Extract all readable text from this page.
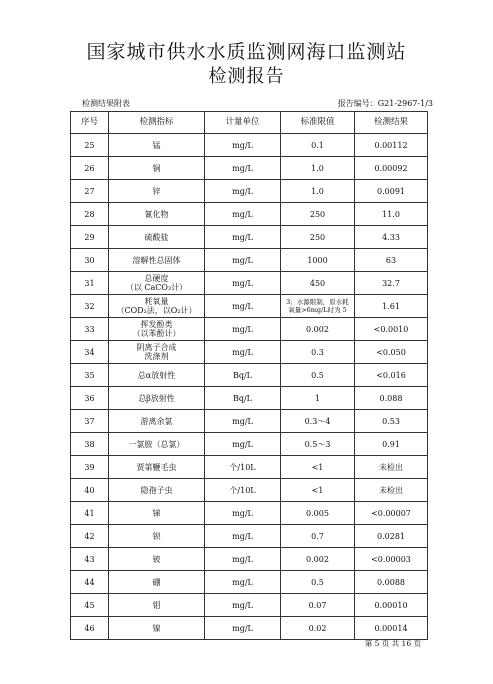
国家城市供水水质监测网海口监测站
检测报告
检测结果附表	报告编号：G21-2967-1/3
序号	检测指标	计量单位	标准限值	检测结果
25	锰	mg/L	0.1	0.00112
26	铜	mg/L	1.0	0.00092
27	锌	mg/L	1.0	0.0091
28	氰化物	mg/L	250	11.0
29	硫酸盐	mg/L	250	4.33
30	溶解性总固体	mg/L	1000	63
31	总硬度
（以 CaCO₃计）	mg/L	450	32.7
32	耗氧量
（COD₂法，以O₂计）	mg/L	3；水源限制，原水耗
氧量>6mg/L时为 5	1.61
33	挥发酚类
（以苯酚计）	mg/L	0.002	<0.0010
34	阴离子合成
洗涤剂	mg/L	0.3	<0.050
35	总α放射性	Bq/L	0.5	<0.016
36	总β放射性	Bq/L	1	0.088
37	游离余氯	mg/L	0.3～4	0.53
38	一氯胺（总氯）	mg/L	0.5～3	0.91
39	贾第鞭毛虫	个/10L	<1	未检出
40	隐孢子虫	个/10L	<1	未检出
41	锑	mg/L	0.005	<0.00007
42	钡	mg/L	0.7	0.0281
43	铍	mg/L	0.002	<0.00003
44	硼	mg/L	0.5	0.0088
45	钼	mg/L	0.07	0.00010
46	镍	mg/L	0.02	0.00014
第 5 页 共 16 页
